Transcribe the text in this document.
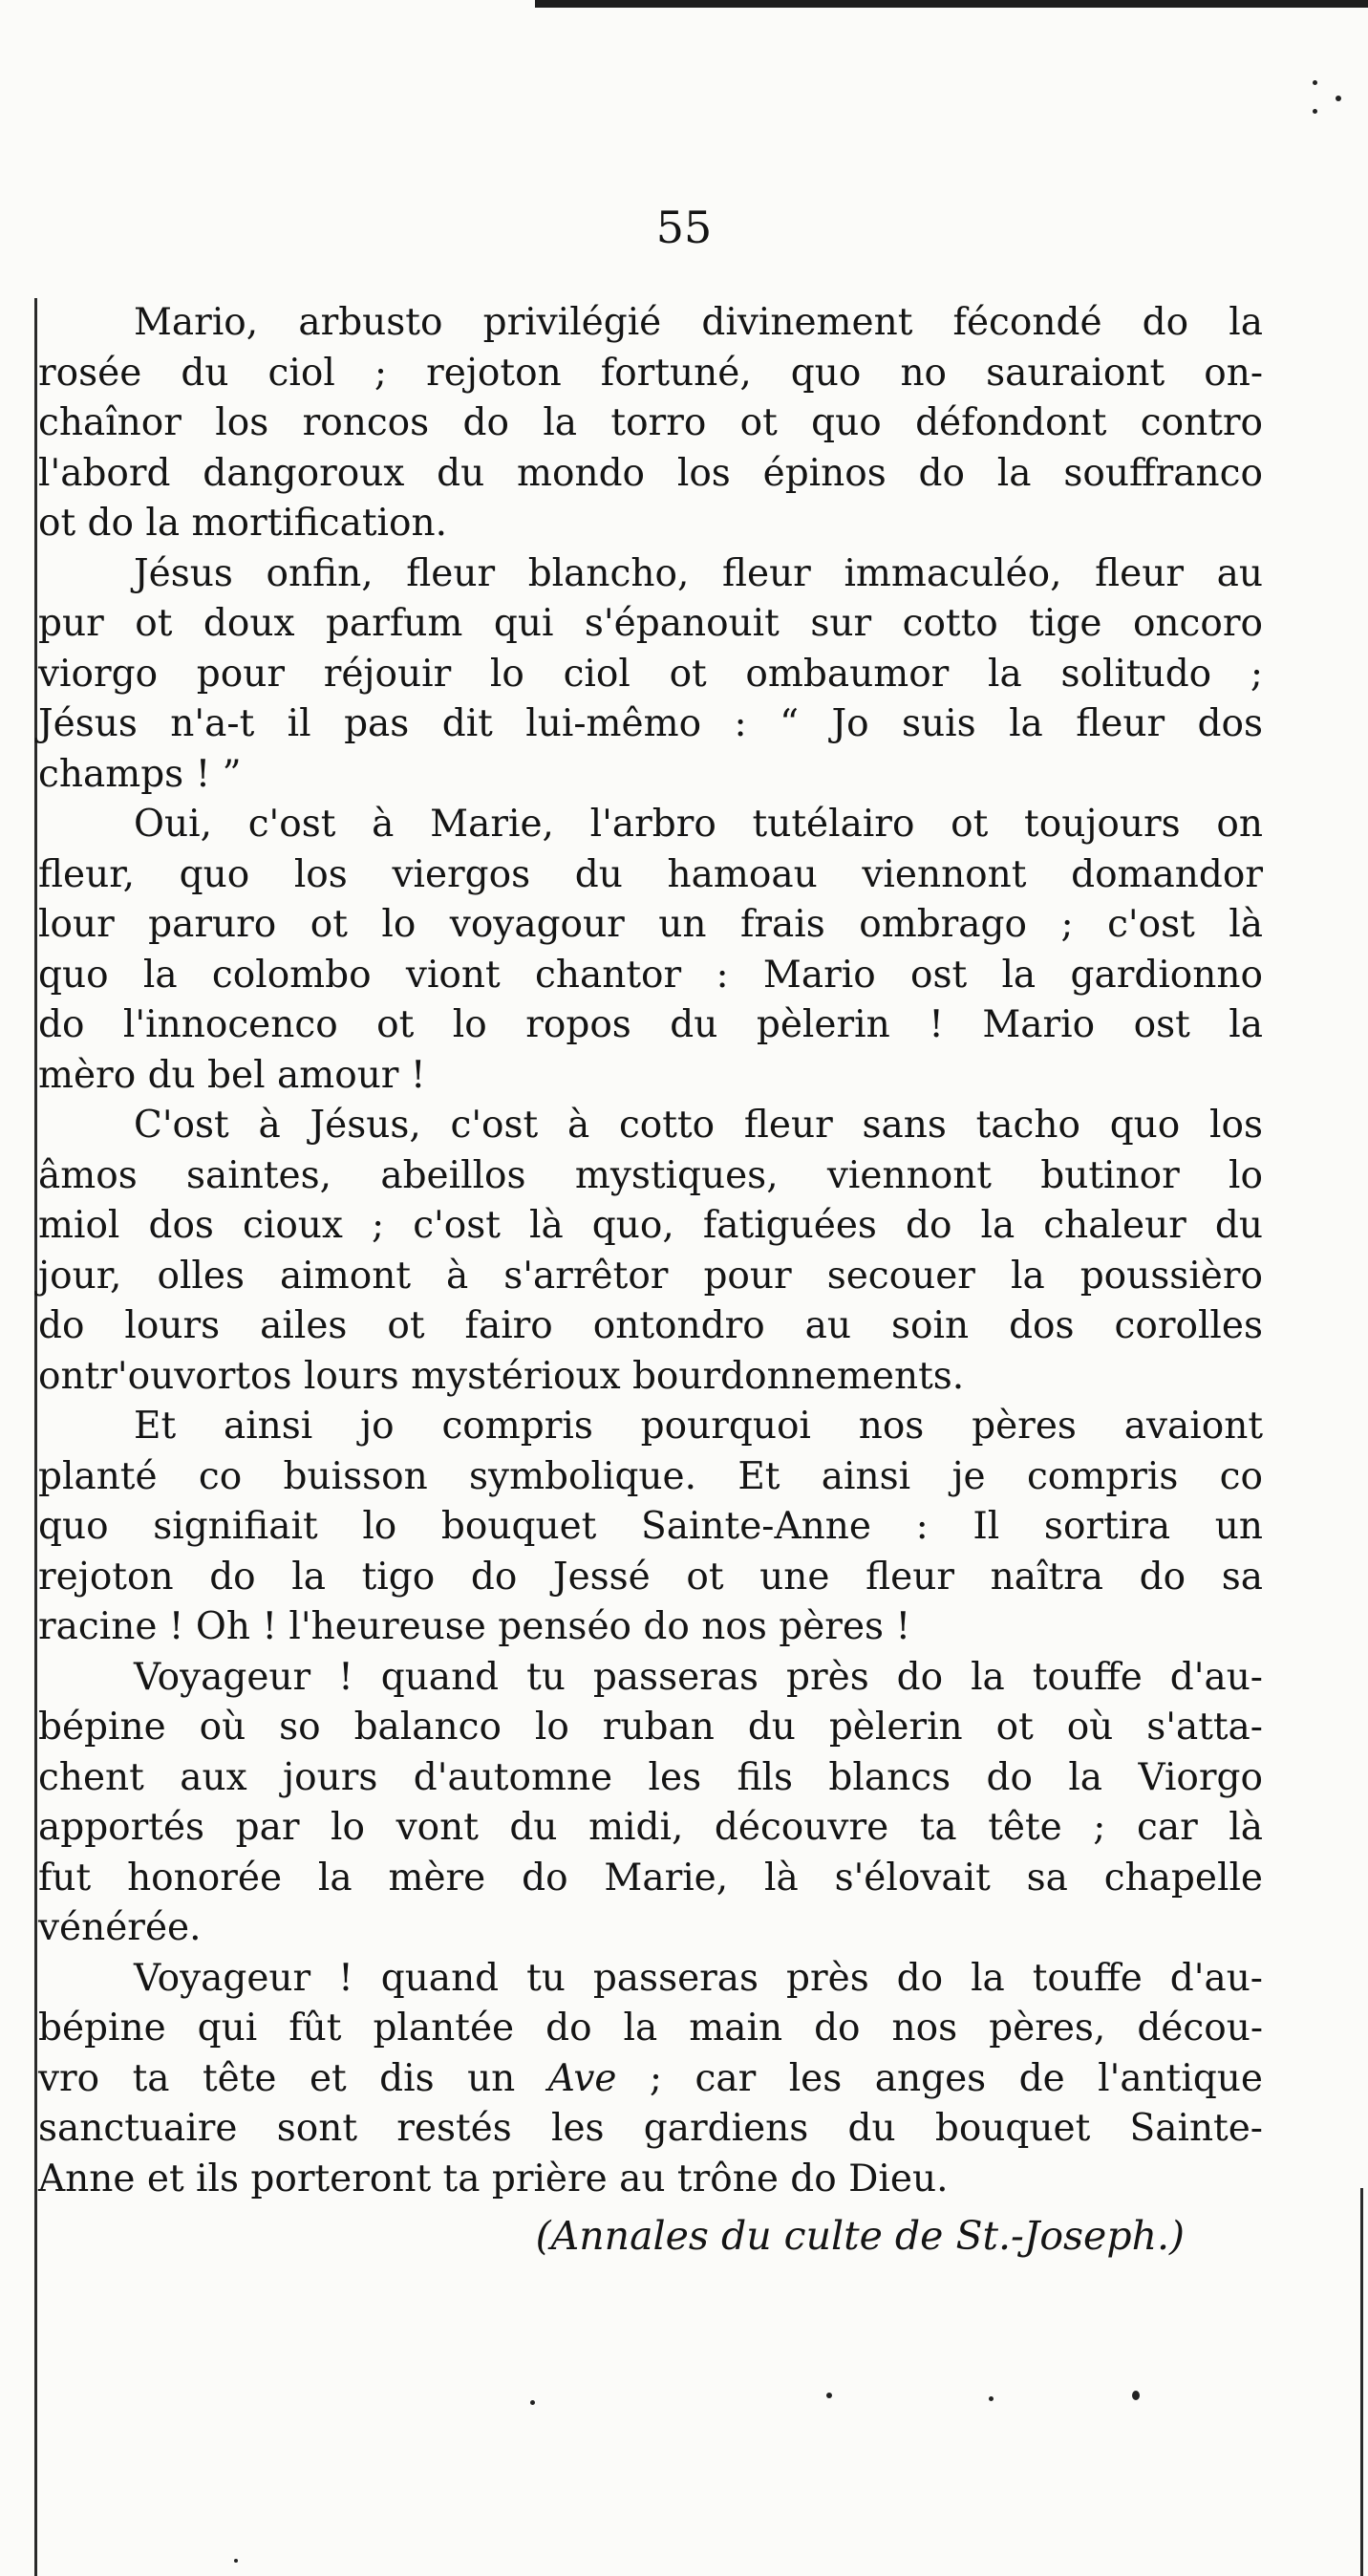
55

Mario, arbusto privilégié divinement fécondé do la
rosée du ciol ; rejoton fortuné, quo no sauraiont on-
chaînor los roncos do la torro ot quo défondont contro
l'abord dangoroux du mondo los épinos do la souffranco
ot do la mortification.

Jésus onfin, fleur blancho, fleur immaculéo, fleur au
pur ot doux parfum qui s'épanouit sur cotto tige oncoro
viorgo pour réjouir lo ciol ot ombaumor la solitudo ;
Jésus n'a-t il pas dit lui-mêmo : “ Jo suis la fleur dos
champs ! ”

Oui, c'ost à Marie, l'arbro tutélairo ot toujours on
fleur, quo los viergos du hamoau viennont domandor
lour paruro ot lo voyagour un frais ombrago ; c'ost là
quo la colombo viont chantor : Mario ost la gardionno
do l'innocenco ot lo ropos du pèlerin ! Mario ost la
mèro du bel amour !

C'ost à Jésus, c'ost à cotto fleur sans tacho quo los
âmos saintes, abeillos mystiques, viennont butinor lo
miol dos cioux ; c'ost là quo, fatiguées do la chaleur du
jour, olles aimont à s'arrêtor pour secouer la poussièro
do lours ailes ot fairo ontondro au soin dos corolles
ontr'ouvortos lours mystérioux bourdonnements.

Et ainsi jo compris pourquoi nos pères avaiont
planté co buisson symbolique. Et ainsi je compris co
quo signifiait lo bouquet Sainte-Anne : Il sortira un
rejoton do la tigo do Jessé ot une fleur naîtra do sa
racine ! Oh ! l'heureuse penséo do nos pères !

Voyageur ! quand tu passeras près do la touffe d'au-
bépine où so balanco lo ruban du pèlerin ot où s'atta-
chent aux jours d'automne les fils blancs do la Viorgo
apportés par lo vont du midi, découvre ta tête ; car là
fut honorée la mère do Marie, là s'élovait sa chapelle
vénérée.

Voyageur ! quand tu passeras près do la touffe d'au-
bépine qui fût plantée do la main do nos pères, décou-
vro ta tête et dis un Ave ; car les anges de l'antique
sanctuaire sont restés les gardiens du bouquet Sainte-
Anne et ils porteront ta prière au trône do Dieu.

(Annales du culte de St.-Joseph.)
